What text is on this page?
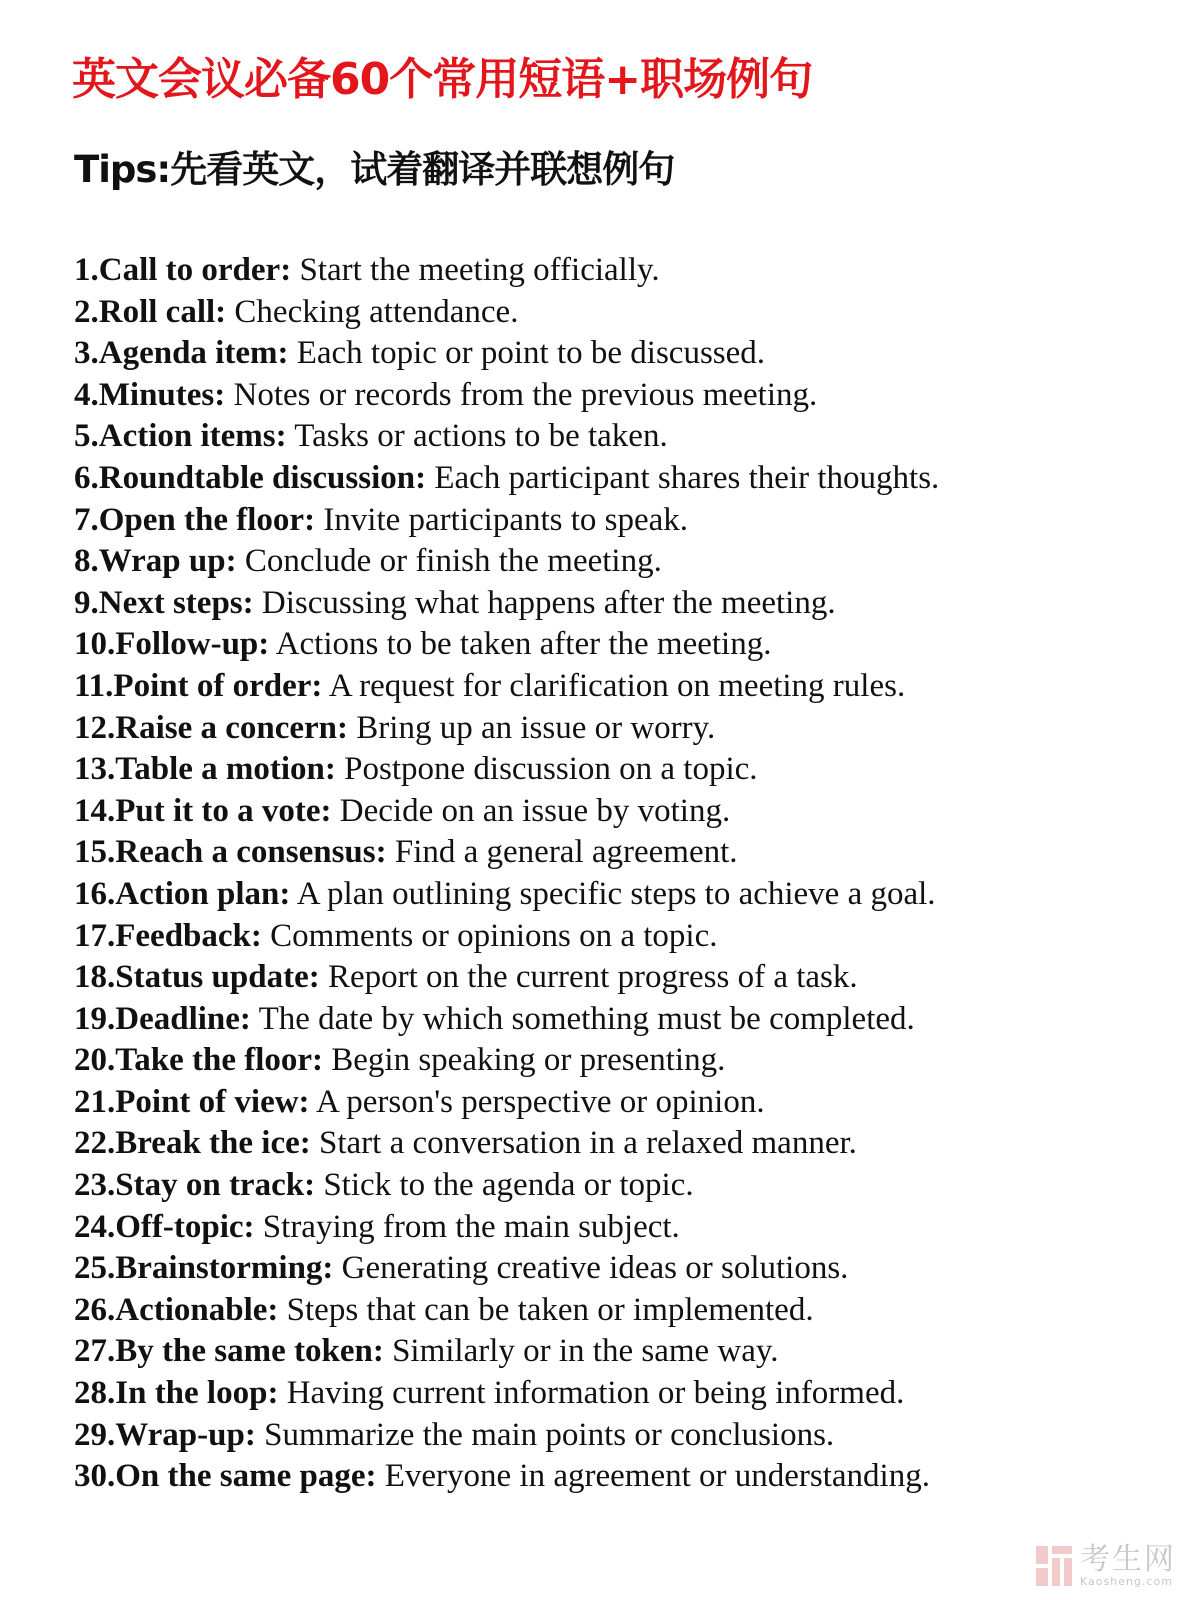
英文会议必备60个常用短语+职场例句
Tips:先看英文，试着翻译并联想例句
1.Call to order: Start the meeting officially.
2.Roll call: Checking attendance.
3.Agenda item: Each topic or point to be discussed.
4.Minutes: Notes or records from the previous meeting.
5.Action items: Tasks or actions to be taken.
6.Roundtable discussion: Each participant shares their thoughts.
7.Open the floor: Invite participants to speak.
8.Wrap up: Conclude or finish the meeting.
9.Next steps: Discussing what happens after the meeting.
10.Follow-up: Actions to be taken after the meeting.
11.Point of order: A request for clarification on meeting rules.
12.Raise a concern: Bring up an issue or worry.
13.Table a motion: Postpone discussion on a topic.
14.Put it to a vote: Decide on an issue by voting.
15.Reach a consensus: Find a general agreement.
16.Action plan: A plan outlining specific steps to achieve a goal.
17.Feedback: Comments or opinions on a topic.
18.Status update: Report on the current progress of a task.
19.Deadline: The date by which something must be completed.
20.Take the floor: Begin speaking or presenting.
21.Point of view: A person's perspective or opinion.
22.Break the ice: Start a conversation in a relaxed manner.
23.Stay on track: Stick to the agenda or topic.
24.Off-topic: Straying from the main subject.
25.Brainstorming: Generating creative ideas or solutions.
26.Actionable: Steps that can be taken or implemented.
27.By the same token: Similarly or in the same way.
28.In the loop: Having current information or being informed.
29.Wrap-up: Summarize the main points or conclusions.
30.On the same page: Everyone in agreement or understanding.
考生网
Kaosheng.com
